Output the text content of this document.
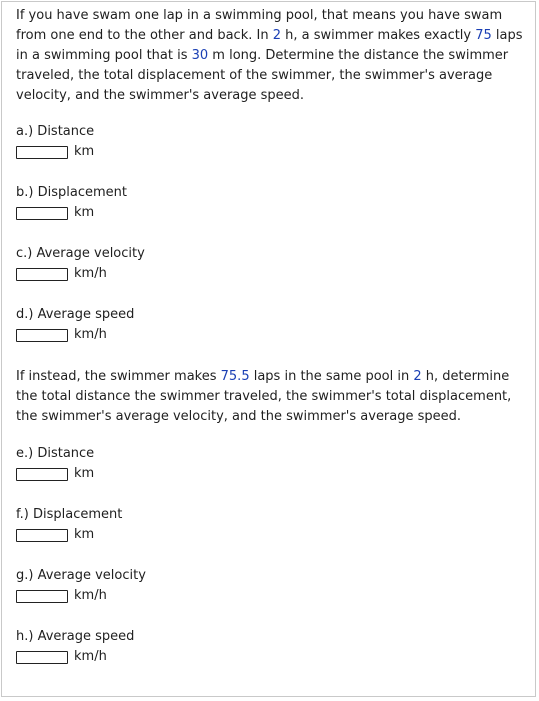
If you have swam one lap in a swimming pool, that means you have swam from one end to the other and back. In 2 h, a swimmer makes exactly 75 laps in a swimming pool that is 30 m long. Determine the distance the swimmer traveled, the total displacement of the swimmer, the swimmer's average velocity, and the swimmer's average speed.
a.) Distance
km
b.) Displacement
km
c.) Average velocity
km/h
d.) Average speed
km/h
If instead, the swimmer makes 75.5 laps in the same pool in 2 h, determine the total distance the swimmer traveled, the swimmer's total displacement, the swimmer's average velocity, and the swimmer's average speed.
e.) Distance
km
f.) Displacement
km
g.) Average velocity
km/h
h.) Average speed
km/h
